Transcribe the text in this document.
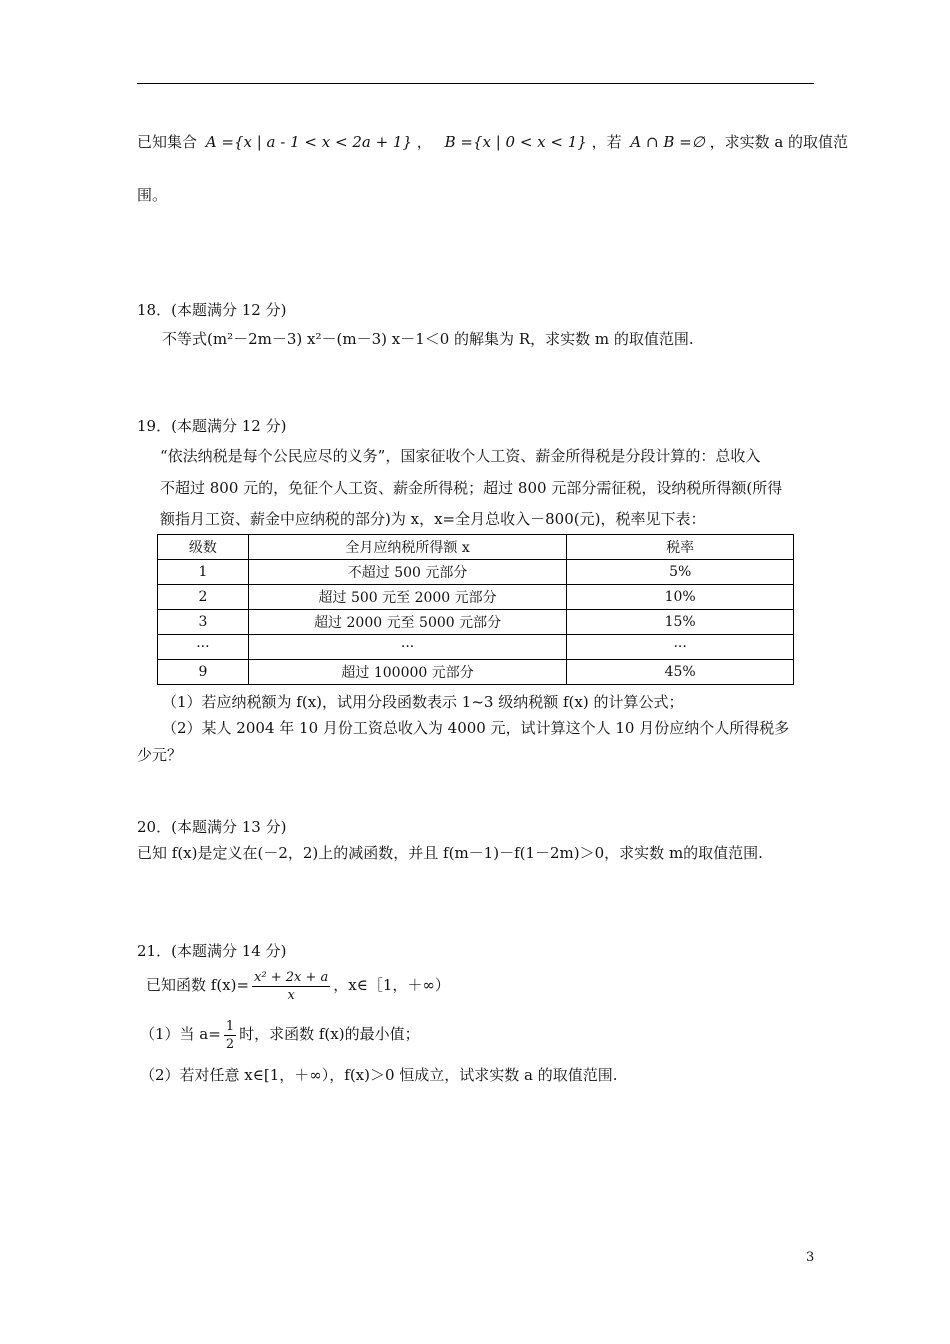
已知集合 A ={x | a - 1 < x < 2a + 1} ， B ={x | 0 < x < 1} ，若 A ∩ B =∅ ，求实数 a 的取值范
围。
18．(本题满分 12 分)
不等式(m²－2m－3) x²－(m－3) x－1＜0 的解集为 R，求实数 m 的取值范围.
19．(本题满分 12 分)
“依法纳税是每个公民应尽的义务”，国家征收个人工资、薪金所得税是分段计算的：总收入
不超过 800 元的，免征个人工资、薪金所得税；超过 800 元部分需征税，设纳税所得额(所得
额指月工资、薪金中应纳税的部分)为 x，x=全月总收入－800(元)，税率见下表：
级数	全月应纳税所得额 x	税率
1	不超过 500 元部分	5%
2	超过 500 元至 2000 元部分	10%
3	超过 2000 元至 5000 元部分	15%
···	···	···
9	超过 100000 元部分	45%
（1）若应纳税额为 f(x)，试用分段函数表示 1~3 级纳税额 f(x) 的计算公式；
（2）某人 2004 年 10 月份工资总收入为 4000 元，试计算这个人 10 月份应纳个人所得税多
少元？
20．(本题满分 13 分)
已知 f(x)是定义在(－2，2)上的减函数，并且 f(m－1)－f(1－2m)＞0，求实数 m的取值范围.
21．(本题满分 14 分)
已知函数 $f(x)= \frac{\text{x² + 2x + a}}{x}$ ，x∈［1，＋∞）
（1）当 $a= \frac{1}{2}$ 时，求函数 f(x)的最小值；
（2）若对任意 x∈[1，＋∞），f(x)＞0 恒成立，试求实数 a 的取值范围.
3
